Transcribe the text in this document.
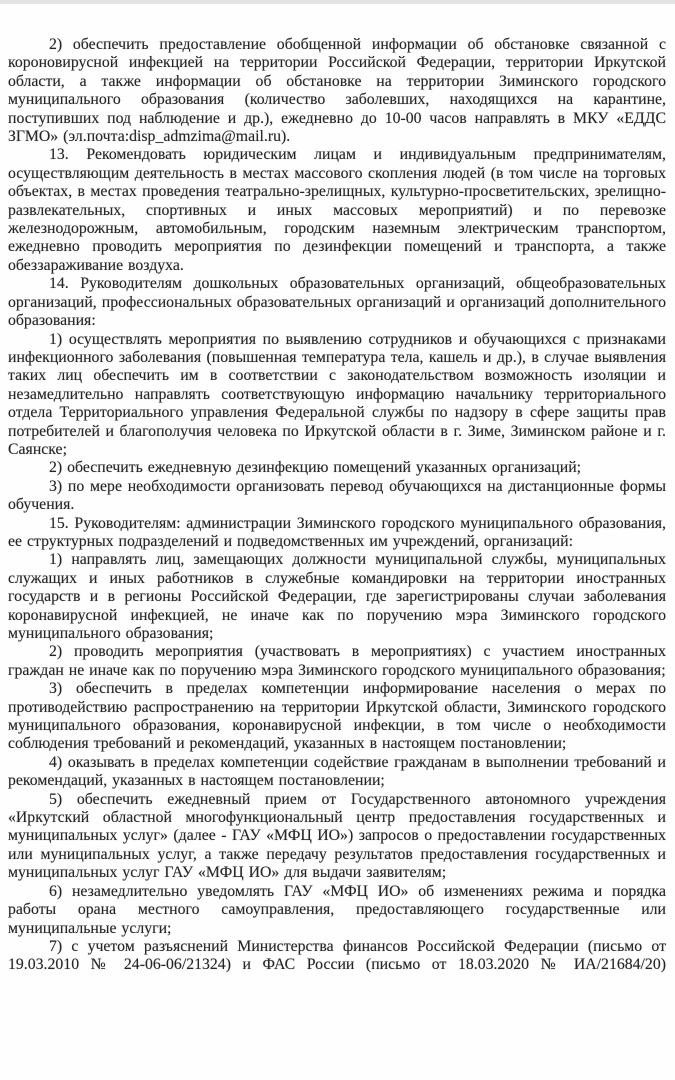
2) обеспечить предоставление обобщенной информации об обстановке связанной с короновирусной инфекцией на территории Российской Федерации, территории Иркутской области, а также информации об обстановке на территории Зиминского городского муниципального образования (количество заболевших, находящихся на карантине, поступивших под наблюдение и др.), ежедневно до 10-00 часов направлять в МКУ «ЕДДС ЗГМО» (эл.почта:disp_admzima@mail.ru).

13. Рекомендовать юридическим лицам и индивидуальным предпринимателям, осуществляющим деятельность в местах массового скопления людей (в том числе на торговых объектах, в местах проведения театрально-зрелищных, культурно-просветительских, зрелищно-развлекательных, спортивных и иных массовых мероприятий) и по перевозке железнодорожным, автомобильным, городским наземным электрическим транспортом, ежедневно проводить мероприятия по дезинфекции помещений и транспорта, а также обеззараживание воздуха.

14. Руководителям дошкольных образовательных организаций, общеобразовательных организаций, профессиональных образовательных организаций и организаций дополнительного образования:

1) осуществлять мероприятия по выявлению сотрудников и обучающихся с признаками инфекционного заболевания (повышенная температура тела, кашель и др.), в случае выявления таких лиц обеспечить им в соответствии с законодательством возможность изоляции и незамедлительно направлять соответствующую информацию начальнику территориального отдела Территориального управления Федеральной службы по надзору в сфере защиты прав потребителей и благополучия человека по Иркутской области в г. Зиме, Зиминском районе и г. Саянске;

2) обеспечить ежедневную дезинфекцию помещений указанных организаций;

3) по мере необходимости организовать перевод обучающихся на дистанционные формы обучения.

15. Руководителям: администрации Зиминского городского муниципального образования, ее структурных подразделений и подведомственных им учреждений, организаций:

1) направлять лиц, замещающих должности муниципальной службы, муниципальных служащих и иных работников в служебные командировки на территории иностранных государств и в регионы Российской Федерации, где зарегистрированы случаи заболевания коронавирусной инфекцией, не иначе как по поручению мэра Зиминского городского муниципального образования;

2) проводить мероприятия (участвовать в мероприятиях) с участием иностранных граждан не иначе как по поручению мэра Зиминского городского муниципального образования;

3) обеспечить в пределах компетенции информирование населения о мерах по противодействию распространению на территории Иркутской области, Зиминского городского муниципального образования, коронавирусной инфекции, в том числе о необходимости соблюдения требований и рекомендаций, указанных в настоящем постановлении;

4) оказывать в пределах компетенции содействие гражданам в выполнении требований и рекомендаций, указанных в настоящем постановлении;

5) обеспечить ежедневный прием от Государственного автономного учреждения «Иркутский областной многофункциональный центр предоставления государственных и муниципальных услуг» (далее - ГАУ «МФЦ ИО») запросов о предоставлении государственных или муниципальных услуг, а также передачу результатов предоставления государственных и муниципальных услуг ГАУ «МФЦ ИО» для выдачи заявителям;

6) незамедлительно уведомлять ГАУ «МФЦ ИО» об изменениях режима и порядка работы орана местного самоуправления, предоставляющего государственные или муниципальные услуги;

7) с учетом разъяснений Министерства финансов Российской Федерации (письмо от 19.03.2010 № 24-06-06/21324) и ФАС России (письмо от 18.03.2020 № ИА/21684/20)
